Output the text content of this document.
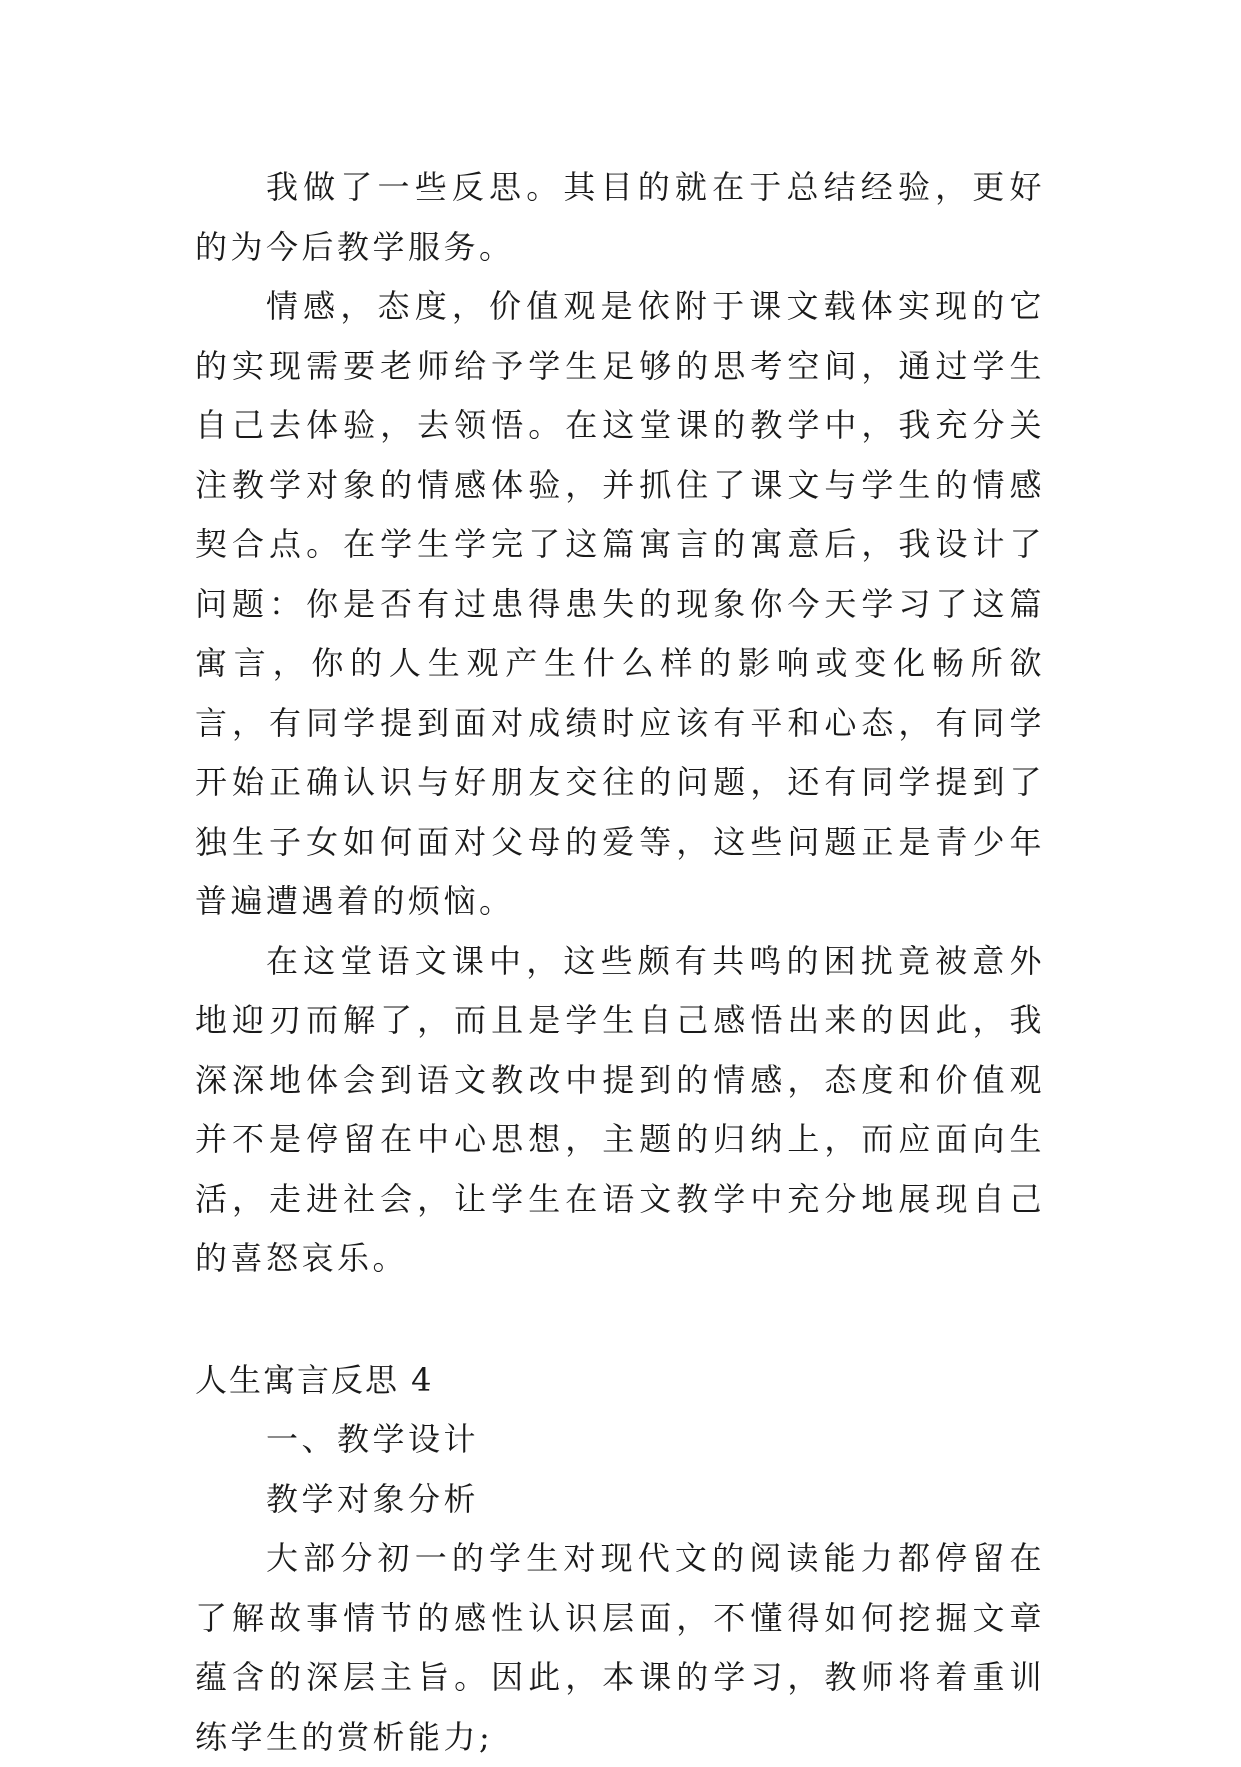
我做了一些反思。其目的就在于总结经验，更好的为今后教学服务。

情感，态度，价值观是依附于课文载体实现的它的实现需要老师给予学生足够的思考空间，通过学生自己去体验，去领悟。在这堂课的教学中，我充分关注教学对象的情感体验，并抓住了课文与学生的情感契合点。在学生学完了这篇寓言的寓意后，我设计了问题：你是否有过患得患失的现象你今天学习了这篇寓言，你的人生观产生什么样的影响或变化畅所欲言，有同学提到面对成绩时应该有平和心态，有同学开始正确认识与好朋友交往的问题，还有同学提到了独生子女如何面对父母的爱等，这些问题正是青少年普遍遭遇着的烦恼。

在这堂语文课中，这些颇有共鸣的困扰竟被意外地迎刃而解了，而且是学生自己感悟出来的因此，我深深地体会到语文教改中提到的情感，态度和价值观并不是停留在中心思想，主题的归纳上，而应面向生活，走进社会，让学生在语文教学中充分地展现自己的喜怒哀乐。

人生寓言反思 4

一、教学设计

教学对象分析

大部分初一的学生对现代文的阅读能力都停留在了解故事情节的感性认识层面，不懂得如何挖掘文章蕴含的深层主旨。因此，本课的学习，教师将着重训练学生的赏析能力;
